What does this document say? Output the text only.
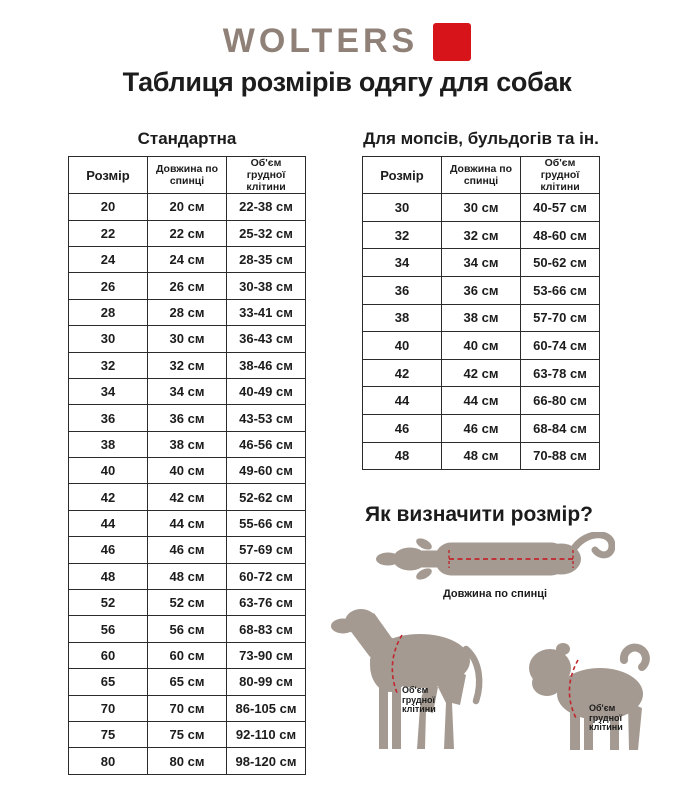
WOLTERS
Таблиця розмірів одягу для собак
Стандартна
Розмір	Довжина по спинці	Об'єм грудної клітини
20	20 см	22-38 см
22	22 см	25-32 см
24	24 см	28-35 см
26	26 см	30-38 см
28	28 см	33-41 см
30	30 см	36-43 см
32	32 см	38-46 см
34	34 см	40-49 см
36	36 см	43-53 см
38	38 см	46-56 см
40	40 см	49-60 см
42	42 см	52-62 см
44	44 см	55-66 см
46	46 см	57-69 см
48	48 см	60-72 см
52	52 см	63-76 см
56	56 см	68-83 см
60	60 см	73-90 см
65	65 см	80-99 см
70	70 см	86-105 см
75	75 см	92-110 см
80	80 см	98-120 см
Для мопсів, бульдогів та ін.
Розмір	Довжина по спинці	Об'єм грудної клітини
30	30 см	40-57 см
32	32 см	48-60 см
34	34 см	50-62 см
36	36 см	53-66 см
38	38 см	57-70 см
40	40 см	60-74 см
42	42 см	63-78 см
44	44 см	66-80 см
46	46 см	68-84 см
48	48 см	70-88 см
Як визначити розмір?
Довжина по спинці
Об'єм грудної клітини	Об'єм грудної клітини
